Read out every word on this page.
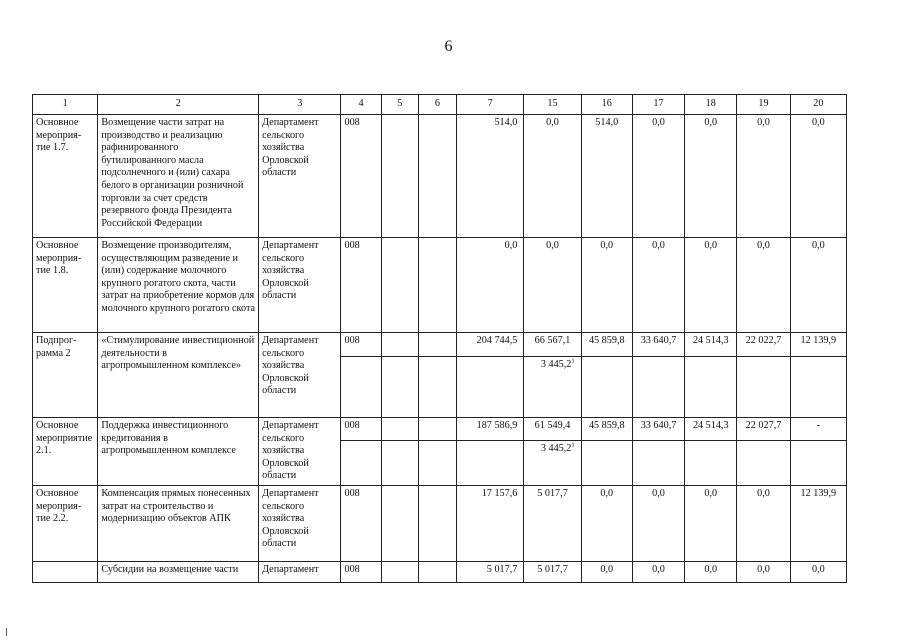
6
1	2	3	4	5	6	7	15	16	17	18	19	20
Основное мероприя-тие 1.7.	Возмещение части затрат на производство и реализацию рафинированного бутилированного масла подсолнечного и (или) сахара белого в организации розничной торговли за счет средств резервного фонда Президента Российской Федерации	Департамент сельского хозяйства Орловской области	008			514,0	0,0	514,0	0,0	0,0	0,0	0,0
Основное мероприя-тие 1.8.	Возмещение производителям, осуществляющим разведение и (или) содержание молочного крупного рогатого скота, части затрат на приобретение кормов для молочного крупного рогатого скота	Департамент сельского хозяйства Орловской области	008			0,0	0,0	0,0	0,0	0,0	0,0	0,0
Подпрог-рамма 2	«Стимулирование инвестиционной деятельности в агропромышленном комплексе»	Департамент сельского хозяйства Орловской области	008			204 744,5	66 567,1	45 859,8	33 640,7	24 514,3	22 022,7	12 139,9
							3 445,2$^1$					
Основное мероприятие 2.1.	Поддержка инвестиционного кредитования в агропромышленном комплексе	Департамент сельского хозяйства Орловской области	008			187 586,9	61 549,4	45 859,8	33 640,7	24 514,3	22 027,7	-
							3 445,2$^1$					
Основное мероприя-тие 2.2.	Компенсация прямых понесенных затрат на строительство и модернизацию объектов АПК	Департамент сельского хозяйства Орловской области	008			17 157,6	5 017,7	0,0	0,0	0,0	0,0	12 139,9
	Субсидии на возмещение части	Департамент	008			5 017,7	5 017,7	0,0	0,0	0,0	0,0	0,0
